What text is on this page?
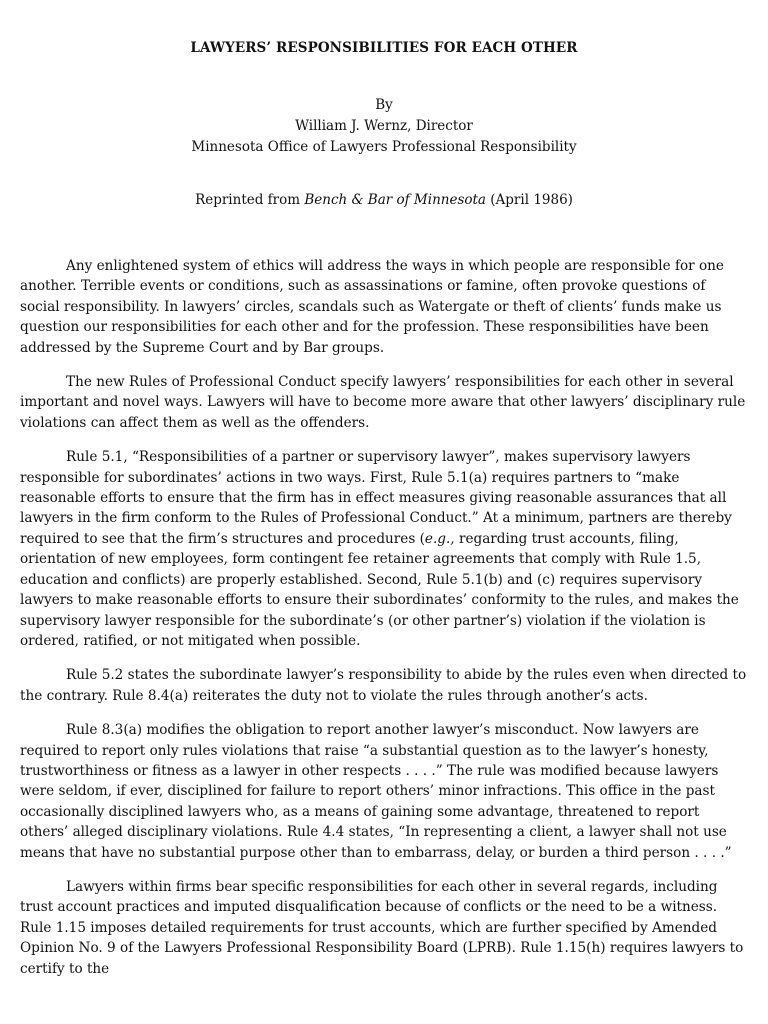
LAWYERS’ RESPONSIBILITIES FOR EACH OTHER
By
William J. Wernz, Director
Minnesota Office of Lawyers Professional Responsibility
Reprinted from Bench & Bar of Minnesota (April 1986)

Any enlightened system of ethics will address the ways in which people are responsible for one another. Terrible events or conditions, such as assassinations or famine, often provoke questions of social responsibility. In lawyers’ circles, scandals such as Watergate or theft of clients’ funds make us question our responsibilities for each other and for the profession. These responsibilities have been addressed by the Supreme Court and by Bar groups.

The new Rules of Professional Conduct specify lawyers’ responsibilities for each other in several important and novel ways. Lawyers will have to become more aware that other lawyers’ disciplinary rule violations can affect them as well as the offenders.

Rule 5.1, “Responsibilities of a partner or supervisory lawyer”, makes supervisory lawyers responsible for subordinates’ actions in two ways. First, Rule 5.1(a) requires partners to “make reasonable efforts to ensure that the firm has in effect measures giving reasonable assurances that all lawyers in the firm conform to the Rules of Professional Conduct.” At a minimum, partners are thereby required to see that the firm’s structures and procedures (e.g., regarding trust accounts, filing, orientation of new employees, form contingent fee retainer agreements that comply with Rule 1.5, education and conflicts) are properly established. Second, Rule 5.1(b) and (c) requires supervisory lawyers to make reasonable efforts to ensure their subordinates’ conformity to the rules, and makes the supervisory lawyer responsible for the subordinate’s (or other partner’s) violation if the violation is ordered, ratified, or not mitigated when possible.

Rule 5.2 states the subordinate lawyer’s responsibility to abide by the rules even when directed to the contrary. Rule 8.4(a) reiterates the duty not to violate the rules through another’s acts.

Rule 8.3(a) modifies the obligation to report another lawyer’s misconduct. Now lawyers are required to report only rules violations that raise “a substantial question as to the lawyer’s honesty, trustworthiness or fitness as a lawyer in other respects . . . .” The rule was modified because lawyers were seldom, if ever, disciplined for failure to report others’ minor infractions. This office in the past occasionally disciplined lawyers who, as a means of gaining some advantage, threatened to report others’ alleged disciplinary violations. Rule 4.4 states, “In representing a client, a lawyer shall not use means that have no substantial purpose other than to embarrass, delay, or burden a third person . . . .”

Lawyers within firms bear specific responsibilities for each other in several regards, including trust account practices and imputed disqualification because of conflicts or the need to be a witness. Rule 1.15 imposes detailed requirements for trust accounts, which are further specified by Amended Opinion No. 9 of the Lawyers Professional Responsibility Board (LPRB). Rule 1.15(h) requires lawyers to certify to the
